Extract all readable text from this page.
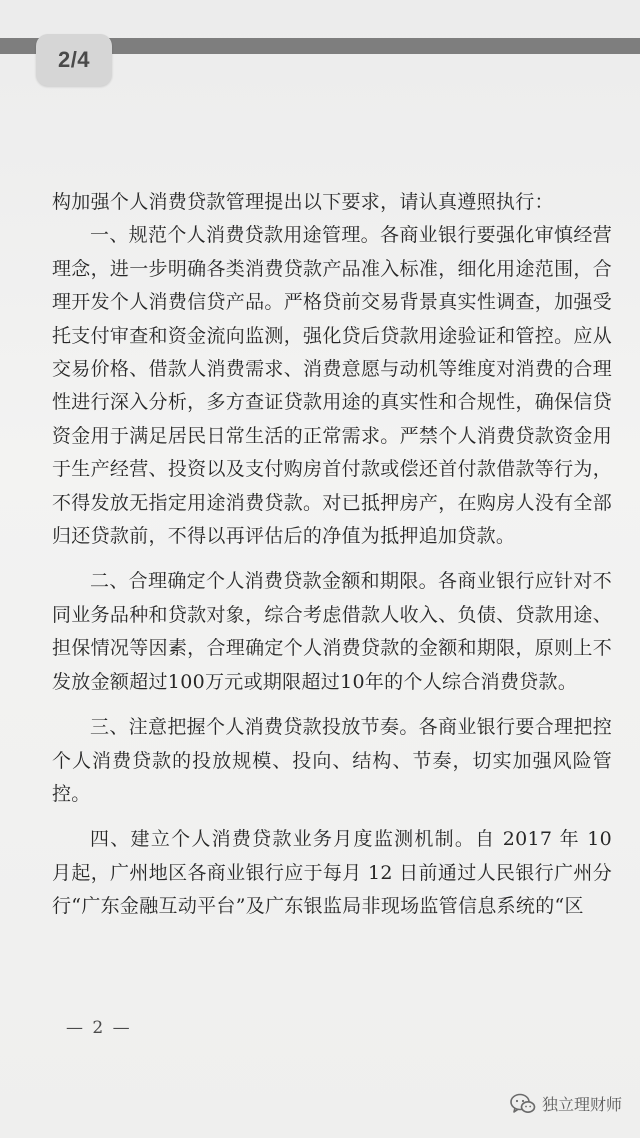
2/4

构加强个人消费贷款管理提出以下要求，请认真遵照执行：

一、规范个人消费贷款用途管理。各商业银行要强化审慎经营理念，进一步明确各类消费贷款产品准入标准，细化用途范围，合理开发个人消费信贷产品。严格贷前交易背景真实性调查，加强受托支付审查和资金流向监测，强化贷后贷款用途验证和管控。应从交易价格、借款人消费需求、消费意愿与动机等维度对消费的合理性进行深入分析，多方查证贷款用途的真实性和合规性，确保信贷资金用于满足居民日常生活的正常需求。严禁个人消费贷款资金用于生产经营、投资以及支付购房首付款或偿还首付款借款等行为，不得发放无指定用途消费贷款。对已抵押房产，在购房人没有全部归还贷款前，不得以再评估后的净值为抵押追加贷款。

二、合理确定个人消费贷款金额和期限。各商业银行应针对不同业务品种和贷款对象，综合考虑借款人收入、负债、贷款用途、担保情况等因素，合理确定个人消费贷款的金额和期限，原则上不发放金额超过100万元或期限超过10年的个人综合消费贷款。

三、注意把握个人消费贷款投放节奏。各商业银行要合理把控个人消费贷款的投放规模、投向、结构、节奏，切实加强风险管控。

四、建立个人消费贷款业务月度监测机制。自 2017 年 10 月起，广州地区各商业银行应于每月 12 日前通过人民银行广州分行“广东金融互动平台”及广东银监局非现场监管信息系统的“区

— 2 —
独立理财师
